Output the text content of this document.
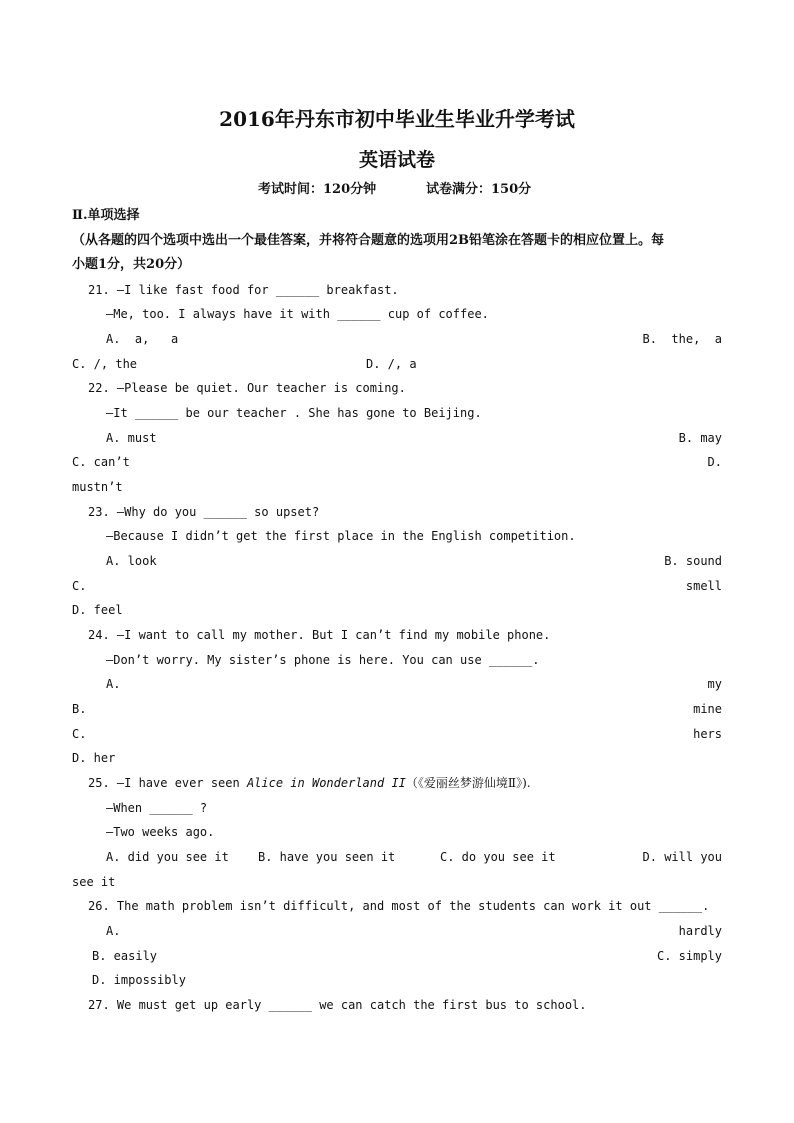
2016年丹东市初中毕业生毕业升学考试
英语试卷
考试时间：120分钟	试卷满分：150分
Ⅱ.单项选择
（从各题的四个选项中选出一个最佳答案，并将符合题意的选项用2B铅笔涂在答题卡的相应位置上。每
小题1分，共20分）
21. —I like fast food for ______ breakfast.
—Me, too. I always have it with ______ cup of coffee.
A.  a,   a	B.  the,  a
C. /, the	D. /, a
22. —Please be quiet. Our teacher is coming.
—It ______ be our teacher . She has gone to Beijing.
A. must	B. may
C. can’t	D.
mustn’t
23. —Why do you ______ so upset?
—Because I didn’t get the first place in the English competition.
A. look	B. sound
C.	smell
D. feel
24. —I want to call my mother. But I can’t find my mobile phone.
—Don’t worry. My sister’s phone is here. You can use ______.
A.	my
B.	mine
C.	hers
D. her
25. —I have ever seen Alice in Wonderland II（《爱丽丝梦游仙境Ⅱ》).
—When ______ ?
—Two weeks ago.
A. did you see it B. have you seen it	C. do you see it	D. will you
see it
26. The math problem isn’t difficult, and most of the students can work it out ______.
A.	hardly
B. easily	C. simply
D. impossibly
27. We must get up early ______ we can catch the first bus to school.
